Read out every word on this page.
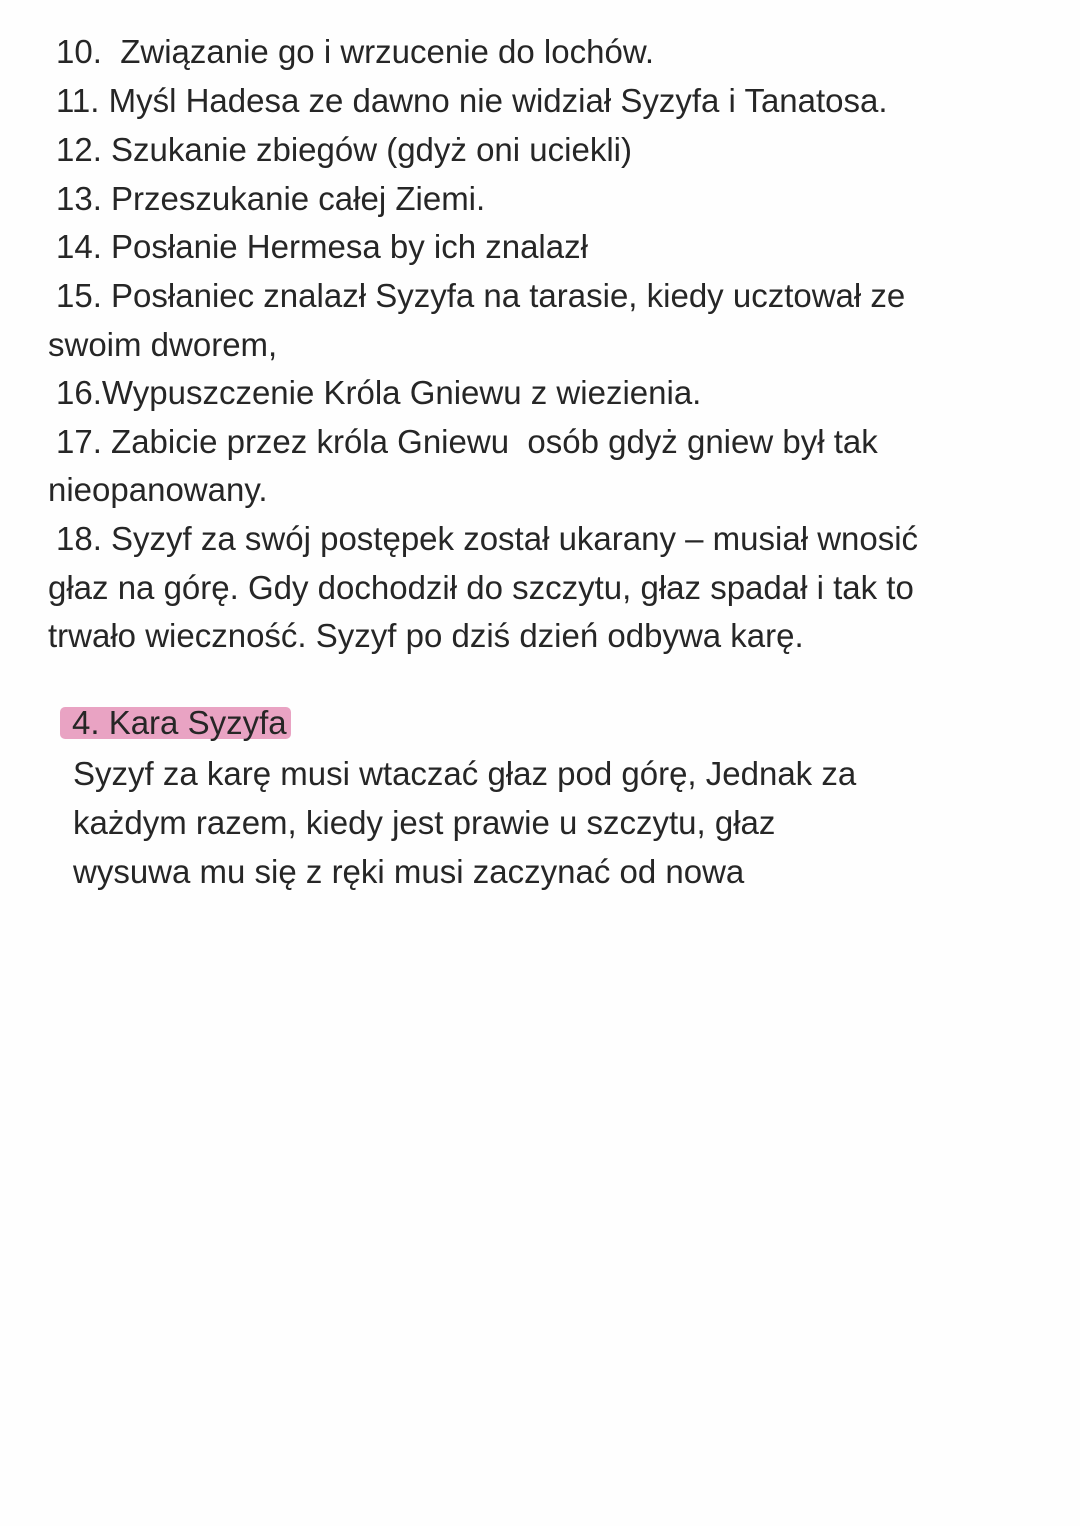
10.  Związanie go i wrzucenie do lochów.
11. Myśl Hadesa ze dawno nie widział Syzyfa i Tanatosa.
12. Szukanie zbiegów (gdyż oni uciekli)
13. Przeszukanie całej Ziemi.
14. Posłanie Hermesa by ich znalazł
15. Posłaniec znalazł Syzyfa na tarasie, kiedy ucztował ze
swoim dworem,
16.Wypuszczenie Króla Gniewu z wiezienia.
17. Zabicie przez króla Gniewu  osób gdyż gniew był tak
nieopanowany.
18. Syzyf za swój postępek został ukarany – musiał wnosić
głaz na górę. Gdy dochodził do szczytu, głaz spadał i tak to
trwało wieczność. Syzyf po dziś dzień odbywa karę.
4. Kara Syzyfa
Syzyf za karę musi wtaczać głaz pod górę, Jednak za
każdym razem, kiedy jest prawie u szczytu, głaz
wysuwa mu się z ręki musi zaczynać od nowa
